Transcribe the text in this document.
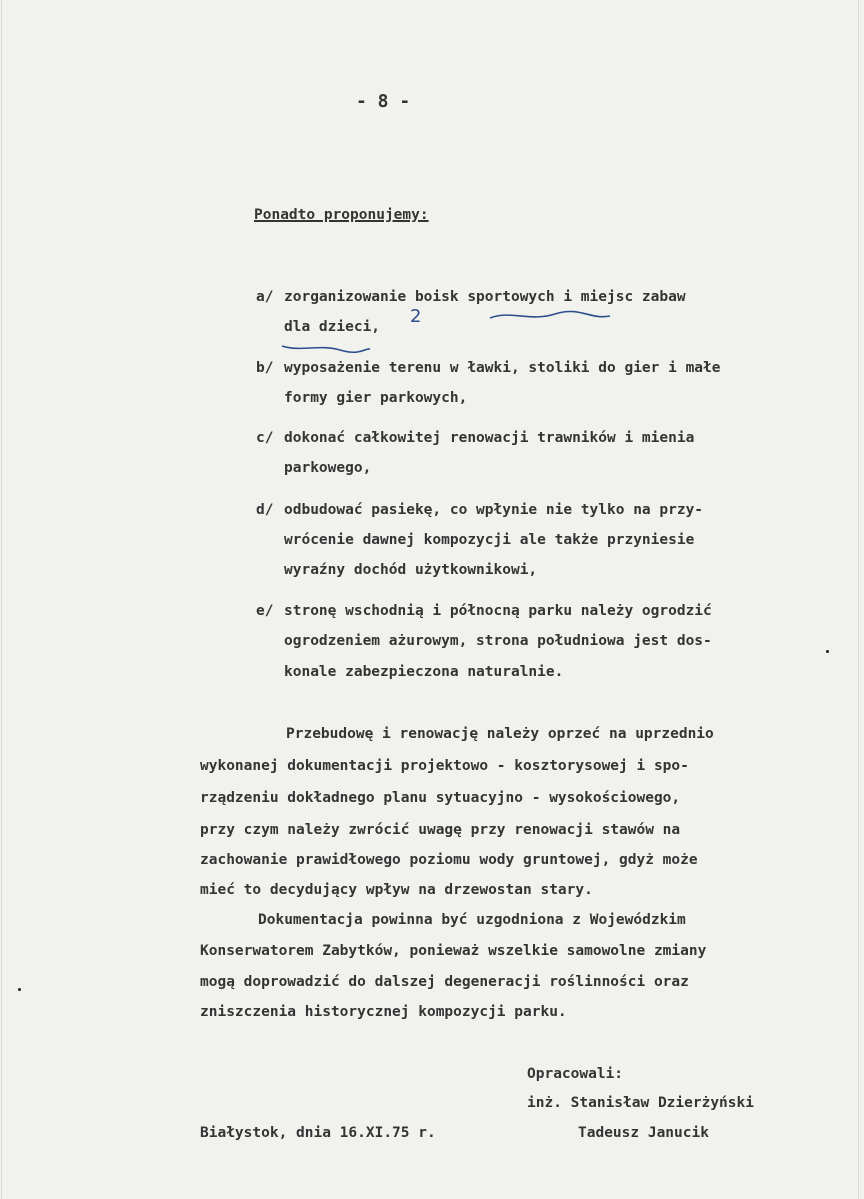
- 8 -
Ponadto proponujemy:
a/ zorganizowanie boisk sportowych i miejsc zabaw
dla dzieci,
b/ wyposażenie terenu w ławki, stoliki do gier i małe
formy gier parkowych,
c/ dokonać całkowitej renowacji trawników i mienia
parkowego,
d/ odbudować pasiekę, co wpłynie nie tylko na przy-
wrócenie dawnej kompozycji ale także przyniesie
wyraźny dochód użytkownikowi,
e/ stronę wschodnią i północną parku należy ogrodzić
ogrodzeniem ażurowym, strona południowa jest dos-
konale zabezpieczona naturalnie.
Przebudowę i renowację należy oprzeć na uprzednio
wykonanej dokumentacji projektowo - kosztorysowej i spo-
rządzeniu dokładnego planu sytuacyjno - wysokościowego,
przy czym należy zwrócić uwagę przy renowacji stawów na
zachowanie prawidłowego poziomu wody gruntowej, gdyż może
mieć to decydujący wpływ na drzewostan stary.
Dokumentacja powinna być uzgodniona z Wojewódzkim
Konserwatorem Zabytków, ponieważ wszelkie samowolne zmiany
mogą doprowadzić do dalszej degeneracji roślinności oraz
zniszczenia historycznej kompozycji parku.
Opracowali:
inż. Stanisław Dzierżyński
Tadeusz Janucik
Białystok, dnia 16.XI.75 r.
2
